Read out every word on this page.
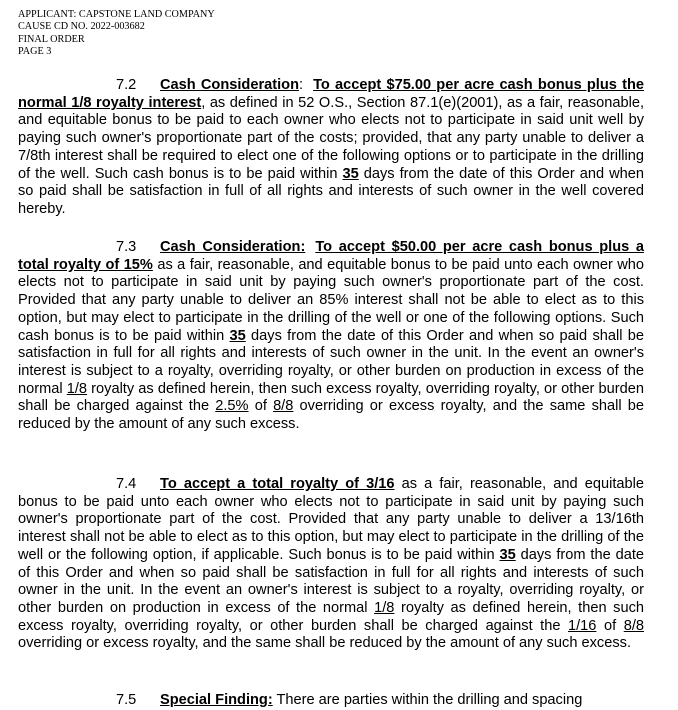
APPLICANT: CAPSTONE LAND COMPANY
CAUSE CD NO. 2022-003682
FINAL ORDER
PAGE 3
7.2 Cash Consideration: To accept $75.00 per acre cash bonus plus the normal 1/8 royalty interest, as defined in 52 O.S., Section 87.1(e)(2001), as a fair, reasonable, and equitable bonus to be paid to each owner who elects not to participate in said unit well by paying such owner's proportionate part of the costs; provided, that any party unable to deliver a 7/8th interest shall be required to elect one of the following options or to participate in the drilling of the well. Such cash bonus is to be paid within 35 days from the date of this Order and when so paid shall be satisfaction in full of all rights and interests of such owner in the well covered hereby.
7.3 Cash Consideration: To accept $50.00 per acre cash bonus plus a total royalty of 15% as a fair, reasonable, and equitable bonus to be paid unto each owner who elects not to participate in said unit by paying such owner's proportionate part of the cost. Provided that any party unable to deliver an 85% interest shall not be able to elect as to this option, but may elect to participate in the drilling of the well or one of the following options. Such cash bonus is to be paid within 35 days from the date of this Order and when so paid shall be satisfaction in full for all rights and interests of such owner in the unit. In the event an owner's interest is subject to a royalty, overriding royalty, or other burden on production in excess of the normal 1/8 royalty as defined herein, then such excess royalty, overriding royalty, or other burden shall be charged against the 2.5% of 8/8 overriding or excess royalty, and the same shall be reduced by the amount of any such excess.
7.4 To accept a total royalty of 3/16 as a fair, reasonable, and equitable bonus to be paid unto each owner who elects not to participate in said unit by paying such owner's proportionate part of the cost. Provided that any party unable to deliver a 13/16th interest shall not be able to elect as to this option, but may elect to participate in the drilling of the well or the following option, if applicable. Such bonus is to be paid within 35 days from the date of this Order and when so paid shall be satisfaction in full for all rights and interests of such owner in the unit. In the event an owner's interest is subject to a royalty, overriding royalty, or other burden on production in excess of the normal 1/8 royalty as defined herein, then such excess royalty, overriding royalty, or other burden shall be charged against the 1/16 of 8/8 overriding or excess royalty, and the same shall be reduced by the amount of any such excess.
7.5 Special Finding: There are parties within the drilling and spacing
